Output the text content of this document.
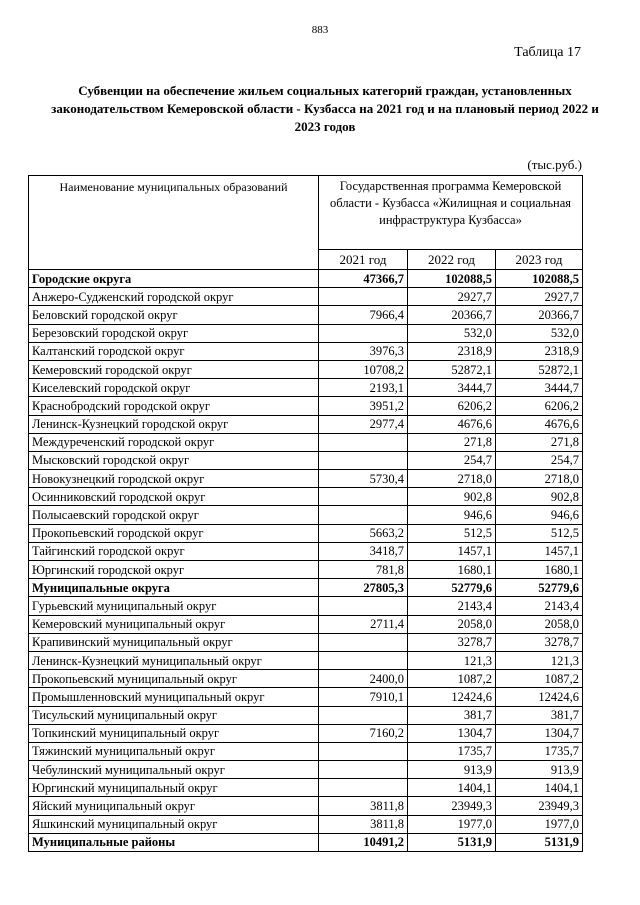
883
Таблица 17
Субвенции на обеспечение жильем социальных категорий граждан, установленных законодательством Кемеровской области - Кузбасса на 2021 год и на плановый период 2022 и 2023 годов
(тыс.руб.)
Наименование муниципальных образований	Государственная программа Кемеровской области - Кузбасса «Жилищная и социальная инфраструктура Кузбасса»		
	2021 год	2022 год	2023 год
Городские округа	47366,7	102088,5	102088,5
Анжеро-Судженский городской округ		2927,7	2927,7
Беловский городской округ	7966,4	20366,7	20366,7
Березовский городской округ		532,0	532,0
Калтанский городской округ	3976,3	2318,9	2318,9
Кемеровский городской округ	10708,2	52872,1	52872,1
Киселевский городской округ	2193,1	3444,7	3444,7
Краснобродский городской округ	3951,2	6206,2	6206,2
Ленинск-Кузнецкий городской округ	2977,4	4676,6	4676,6
Междуреченский городской округ		271,8	271,8
Мысковский городской округ		254,7	254,7
Новокузнецкий городской округ	5730,4	2718,0	2718,0
Осинниковский городской округ		902,8	902,8
Полысаевский городской округ		946,6	946,6
Прокопьевский городской округ	5663,2	512,5	512,5
Тайгинский городской округ	3418,7	1457,1	1457,1
Юргинский городской округ	781,8	1680,1	1680,1
Муниципальные округа	27805,3	52779,6	52779,6
Гурьевский муниципальный округ		2143,4	2143,4
Кемеровский муниципальный округ	2711,4	2058,0	2058,0
Крапивинский муниципальный округ		3278,7	3278,7
Ленинск-Кузнецкий муниципальный округ		121,3	121,3
Прокопьевский муниципальный округ	2400,0	1087,2	1087,2
Промышленновский муниципальный округ	7910,1	12424,6	12424,6
Тисульский муниципальный округ		381,7	381,7
Топкинский муниципальный округ	7160,2	1304,7	1304,7
Тяжинский муниципальный округ		1735,7	1735,7
Чебулинский муниципальный округ		913,9	913,9
Юргинский муниципальный округ		1404,1	1404,1
Яйский муниципальный округ	3811,8	23949,3	23949,3
Яшкинский муниципальный округ	3811,8	1977,0	1977,0
Муниципальные районы	10491,2	5131,9	5131,9
